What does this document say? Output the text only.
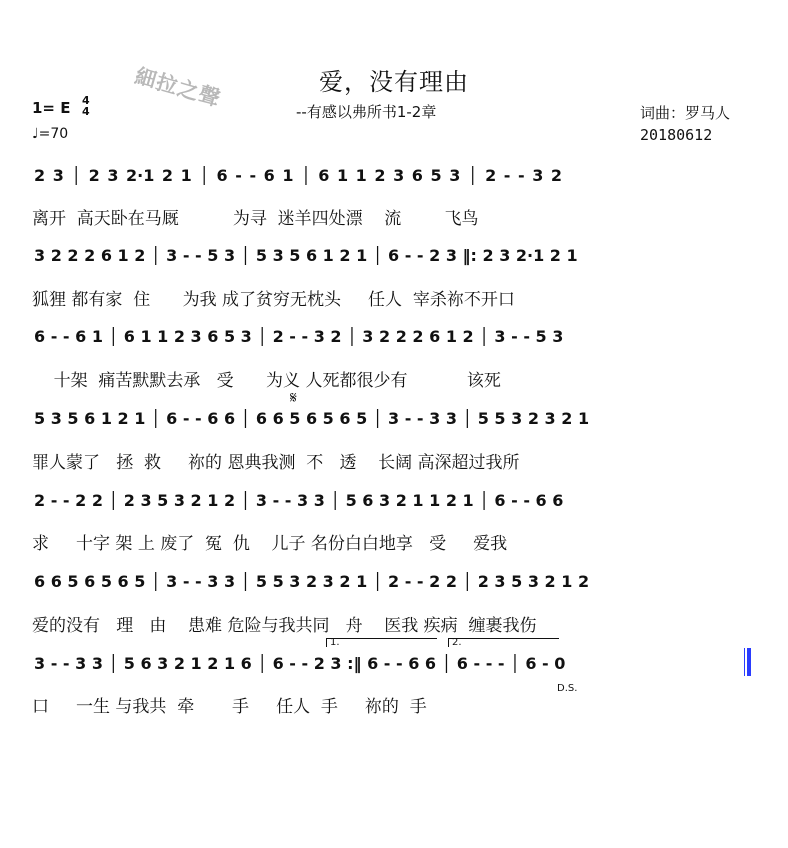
細拉之聲	爱，没有理由
--有感以弗所书1-2章	词曲：罗马人
20180612
1= E 4
4
♩=70
𝄋
D.S.
1.	2.
2 3 │ 2 3 2·1 2 1 │ 6 - - 6 1 │ 6 1 1 2 3 6 5 3 │ 2 - - 3 2
离开  高天卧在马厩          为寻  迷羊四处漂    流        飞鸟
3 2 2 2 6 1 2 │ 3 - - 5 3 │ 5 3 5 6 1 2 1 │ 6 - - 2 3 ‖: 2 3 2·1 2 1
狐狸 都有家  住      为我 成了贫穷无枕头     任人  宰杀祢不开口
6 - - 6 1 │ 6 1 1 2 3 6 5 3 │ 2 - - 3 2 │ 3 2 2 2 6 1 2 │ 3 - - 5 3
十架  痛苦默默去承   受      为义 人死都很少有           该死
5 3 5 6 1 2 1 │ 6 - - 6 6 │ 6 6 5 6 5 6 5 │ 3 - - 3 3 │ 5 5 3 2 3 2 1
罪人蒙了   拯  救     祢的 恩典我测  不   透    长阔 高深超过我所
2 - - 2 2 │ 2 3 5 3 2 1 2 │ 3 - - 3 3 │ 5 6 3 2 1 1 2 1 │ 6 - - 6 6
求     十字 架 上 废了  冤  仇    儿子 名份白白地享   受     爱我
6 6 5 6 5 6 5 │ 3 - - 3 3 │ 5 5 3 2 3 2 1 │ 2 - - 2 2 │ 2 3 5 3 2 1 2
爱的没有   理   由    患难 危险与我共同   舟    医我 疾病  缠裹我伤
3 - - 3 3 │ 5 6 3 2 1 2 1 6 │ 6 - - 2 3 :‖ 6 - - 6 6 │ 6 - - - │ 6 - 0
口     一生 与我共  牵       手     任人  手     祢的  手
